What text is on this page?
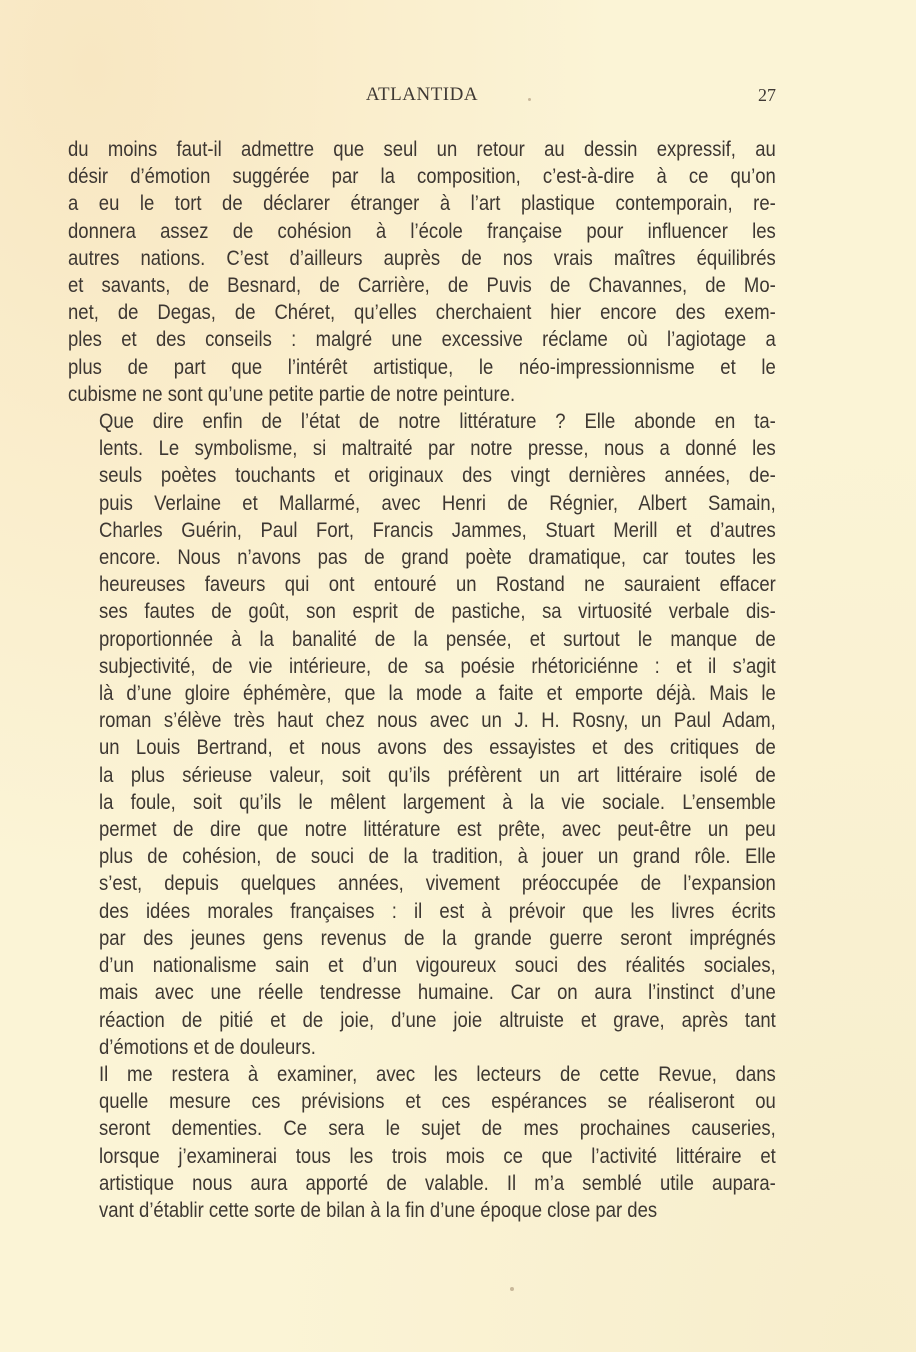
ATLANTIDA	27
du moins faut-il admettre que seul un retour au dessin expressif, au
désir d’émotion suggérée par la composition, c’est-à-dire à ce qu’on
a eu le tort de déclarer étranger à l’art plastique contemporain, re-
donnera assez de cohésion à l’école française pour influencer les
autres nations. C’est d’ailleurs auprès de nos vrais maîtres équilibrés
et savants, de Besnard, de Carrière, de Puvis de Chavannes, de Mo-
net, de Degas, de Chéret, qu’elles cherchaient hier encore des exem-
ples et des conseils : malgré une excessive réclame où l’agiotage a
plus de part que l’intérêt artistique, le néo-impressionnisme et le
cubisme ne sont qu’une petite partie de notre peinture.
Que dire enfin de l’état de notre littérature ? Elle abonde en ta-
lents. Le symbolisme, si maltraité par notre presse, nous a donné les
seuls poètes touchants et originaux des vingt dernières années, de-
puis Verlaine et Mallarmé, avec Henri de Régnier, Albert Samain,
Charles Guérin, Paul Fort, Francis Jammes, Stuart Merill et d’autres
encore. Nous n’avons pas de grand poète dramatique, car toutes les
heureuses faveurs qui ont entouré un Rostand ne sauraient effacer
ses fautes de goût, son esprit de pastiche, sa virtuosité verbale dis-
proportionnée à la banalité de la pensée, et surtout le manque de
subjectivité, de vie intérieure, de sa poésie rhétoriciénne : et il s’agit
là d’une gloire éphémère, que la mode a faite et emporte déjà. Mais le
roman s’élève très haut chez nous avec un J. H. Rosny, un Paul Adam,
un Louis Bertrand, et nous avons des essayistes et des critiques de
la plus sérieuse valeur, soit qu’ils préfèrent un art littéraire isolé de
la foule, soit qu’ils le mêlent largement à la vie sociale. L’ensemble
permet de dire que notre littérature est prête, avec peut-être un peu
plus de cohésion, de souci de la tradition, à jouer un grand rôle. Elle
s’est, depuis quelques années, vivement préoccupée de l’expansion
des idées morales françaises : il est à prévoir que les livres écrits
par des jeunes gens revenus de la grande guerre seront imprégnés
d’un nationalisme sain et d’un vigoureux souci des réalités sociales,
mais avec une réelle tendresse humaine. Car on aura l’instinct d’une
réaction de pitié et de joie, d’une joie altruiste et grave, après tant
d’émotions et de douleurs.
Il me restera à examiner, avec les lecteurs de cette Revue, dans
quelle mesure ces prévisions et ces espérances se réaliseront ou
seront dementies. Ce sera le sujet de mes prochaines causeries,
lorsque j’examinerai tous les trois mois ce que l’activité littéraire et
artistique nous aura apporté de valable. Il m’a semblé utile aupara-
vant d’établir cette sorte de bilan à la fin d’une époque close par des
